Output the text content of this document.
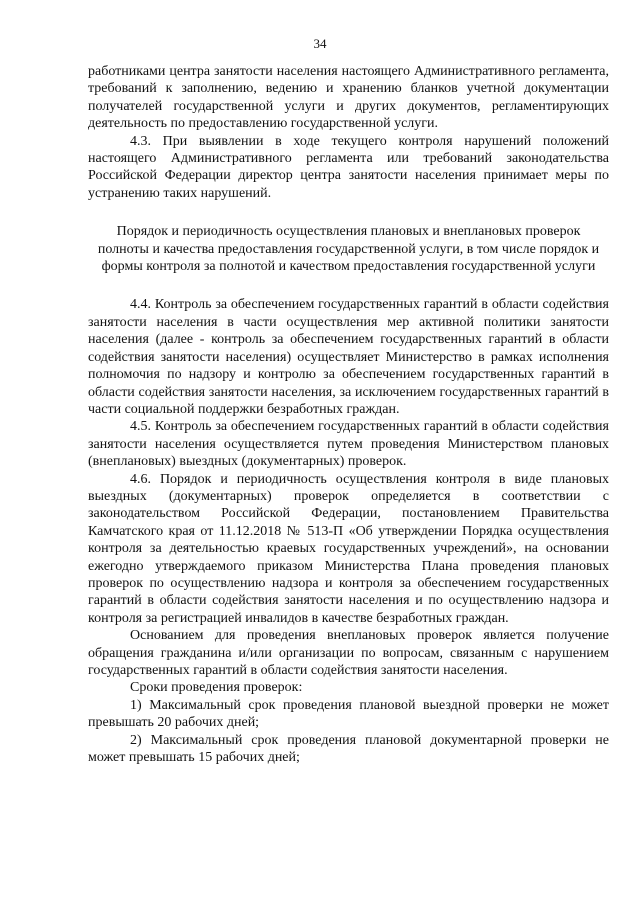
34

работниками центра занятости населения настоящего Административного регламента, требований к заполнению, ведению и хранению бланков учетной документации получателей государственной услуги и других документов, регламентирующих деятельность по предоставлению государственной услуги.

4.3. При выявлении в ходе текущего контроля нарушений положений настоящего Административного регламента или требований законодательства Российской Федерации директор центра занятости населения принимает меры по устранению таких нарушений.

Порядок и периодичность осуществления плановых и внеплановых проверок полноты и качества предоставления государственной услуги, в том числе порядок и формы контроля за полнотой и качеством предоставления государственной услуги

4.4. Контроль за обеспечением государственных гарантий в области содействия занятости населения в части осуществления мер активной политики занятости населения (далее - контроль за обеспечением государственных гарантий в области содействия занятости населения) осуществляет Министерство в рамках исполнения полномочия по надзору и контролю за обеспечением государственных гарантий в области содействия занятости населения, за исключением государственных гарантий в части социальной поддержки безработных граждан.

4.5. Контроль за обеспечением государственных гарантий в области содействия занятости населения осуществляется путем проведения Министерством плановых (внеплановых) выездных (документарных) проверок.

4.6. Порядок и периодичность осуществления контроля в виде плановых выездных (документарных) проверок определяется в соответствии с законодательством Российской Федерации, постановлением Правительства Камчатского края от 11.12.2018 № 513-П «Об утверждении Порядка осуществления контроля за деятельностью краевых государственных учреждений», на основании ежегодно утверждаемого приказом Министерства Плана проведения плановых проверок по осуществлению надзора и контроля за обеспечением государственных гарантий в области содействия занятости населения и по осуществлению надзора и контроля за регистрацией инвалидов в качестве безработных граждан.

Основанием для проведения внеплановых проверок является получение обращения гражданина и/или организации по вопросам, связанным с нарушением государственных гарантий в области содействия занятости населения.

Сроки проведения проверок:

1) Максимальный срок проведения плановой выездной проверки не может превышать 20 рабочих дней;

2) Максимальный срок проведения плановой документарной проверки не может превышать 15 рабочих дней;
